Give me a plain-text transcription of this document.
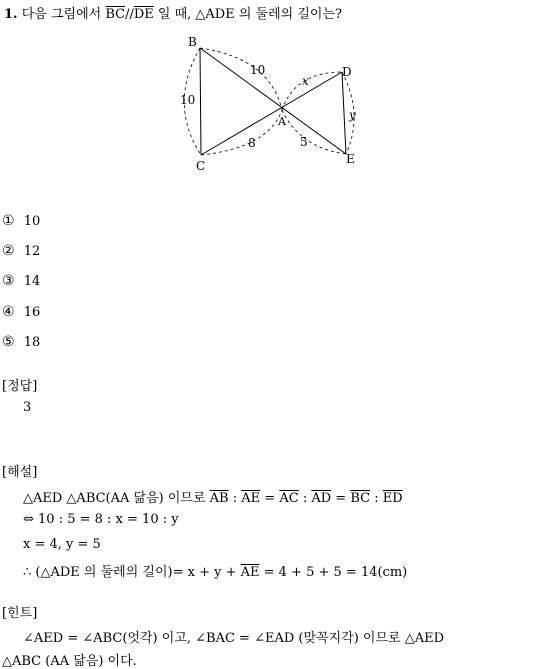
1. 다음 그림에서 $\overline{BC}//\overline{DE}$ 일 때, △ADE 의 둘레의 길이는?
B
C
A
D
E
10
10
8
x
5
y
① 10
② 12
③ 14
④ 16
⑤ 18
[정답]
3
[해설]
△AED △ABC(AA 닮음) 이므로 $\overline{AB}$ : $\overline{AE} = \overline{AC}$ : $\overline{AD} = \overline{BC}$ : $\overline{ED}$
⇔ 10 : 5 = 8 : x = 10 : y
x = 4, y = 5
∴ (△ADE 의 둘레의 길이)= $x + y + \overline{AE} = 4 + 5 + 5 = 14(cm)$
[힌트]
∠AED = ∠ABC(엇각) 이고, ∠BAC = ∠EAD (맞꼭지각) 이므로 △AED
△ABC (AA 닮음) 이다.
